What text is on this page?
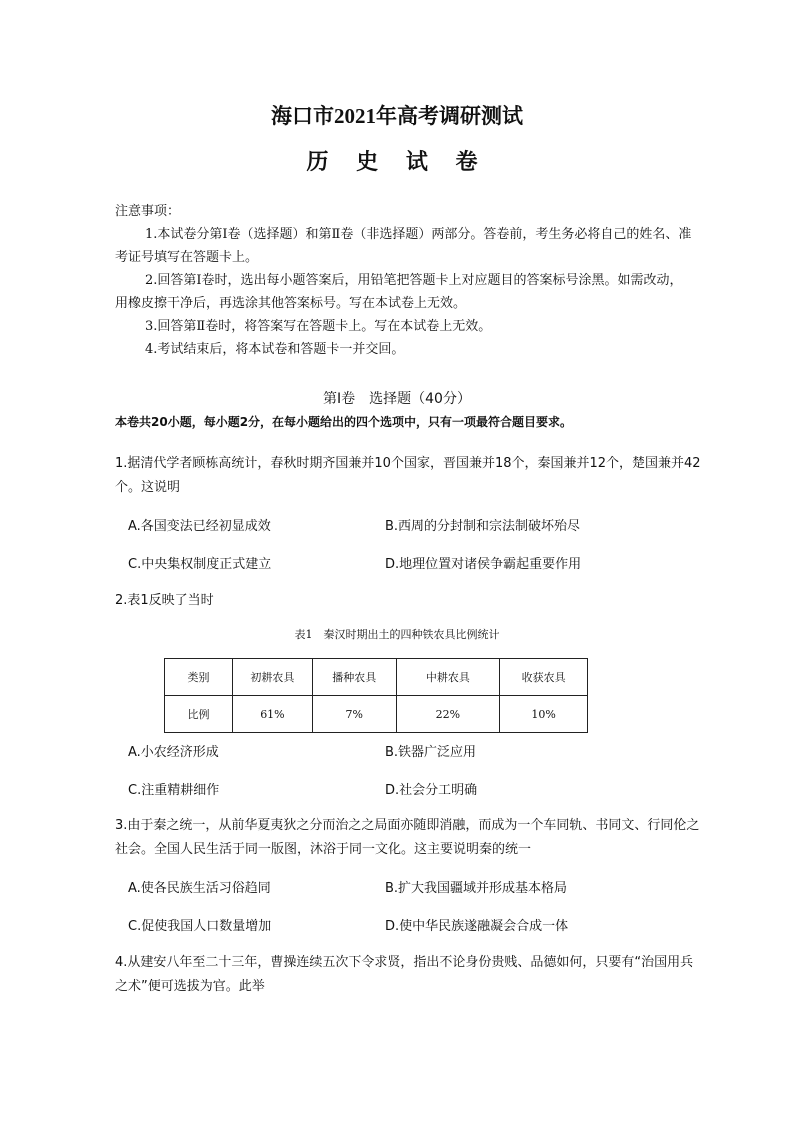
海口市2021年高考调研测试
历 史 试 卷

注意事项：

1.本试卷分第Ⅰ卷（选择题）和第Ⅱ卷（非选择题）两部分。答卷前，考生务必将自己的姓名、准考证号填写在答题卡上。

2.回答第Ⅰ卷时，选出每小题答案后，用铅笔把答题卡上对应题目的答案标号涂黑。如需改动，用橡皮擦干净后，再选涂其他答案标号。写在本试卷上无效。

3.回答第Ⅱ卷时，将答案写在答题卡上。写在本试卷上无效。

4.考试结束后，将本试卷和答题卡一并交回。

第Ⅰ卷　选择题（40分）
本卷共20小题，每小题2分，在每小题给出的四个选项中，只有一项最符合题目要求。
1.据清代学者顾栋高统计，春秋时期齐国兼并10个国家，晋国兼并18个，秦国兼并12个，楚国兼并42个。这说明
A.各国变法已经初显成效	B.西周的分封制和宗法制破坏殆尽
C.中央集权制度正式建立	D.地理位置对诸侯争霸起重要作用
2.表1反映了当时
表1　秦汉时期出土的四种铁农具比例统计
类别	初耕农具	播种农具	中耕农具	收获农具
比例	61%	7%	22%	10%
A.小农经济形成	B.铁器广泛应用
C.注重精耕细作	D.社会分工明确
3.由于秦之统一，从前华夏夷狄之分而治之之局面亦随即消融，而成为一个车同轨、书同文、行同伦之社会。全国人民生活于同一版图，沐浴于同一文化。这主要说明秦的统一
A.使各民族生活习俗趋同	B.扩大我国疆域并形成基本格局
C.促使我国人口数量增加	D.使中华民族遂融凝会合成一体
4.从建安八年至二十三年，曹操连续五次下令求贤，指出不论身份贵贱、品德如何，只要有“治国用兵之术”便可选拔为官。此举
